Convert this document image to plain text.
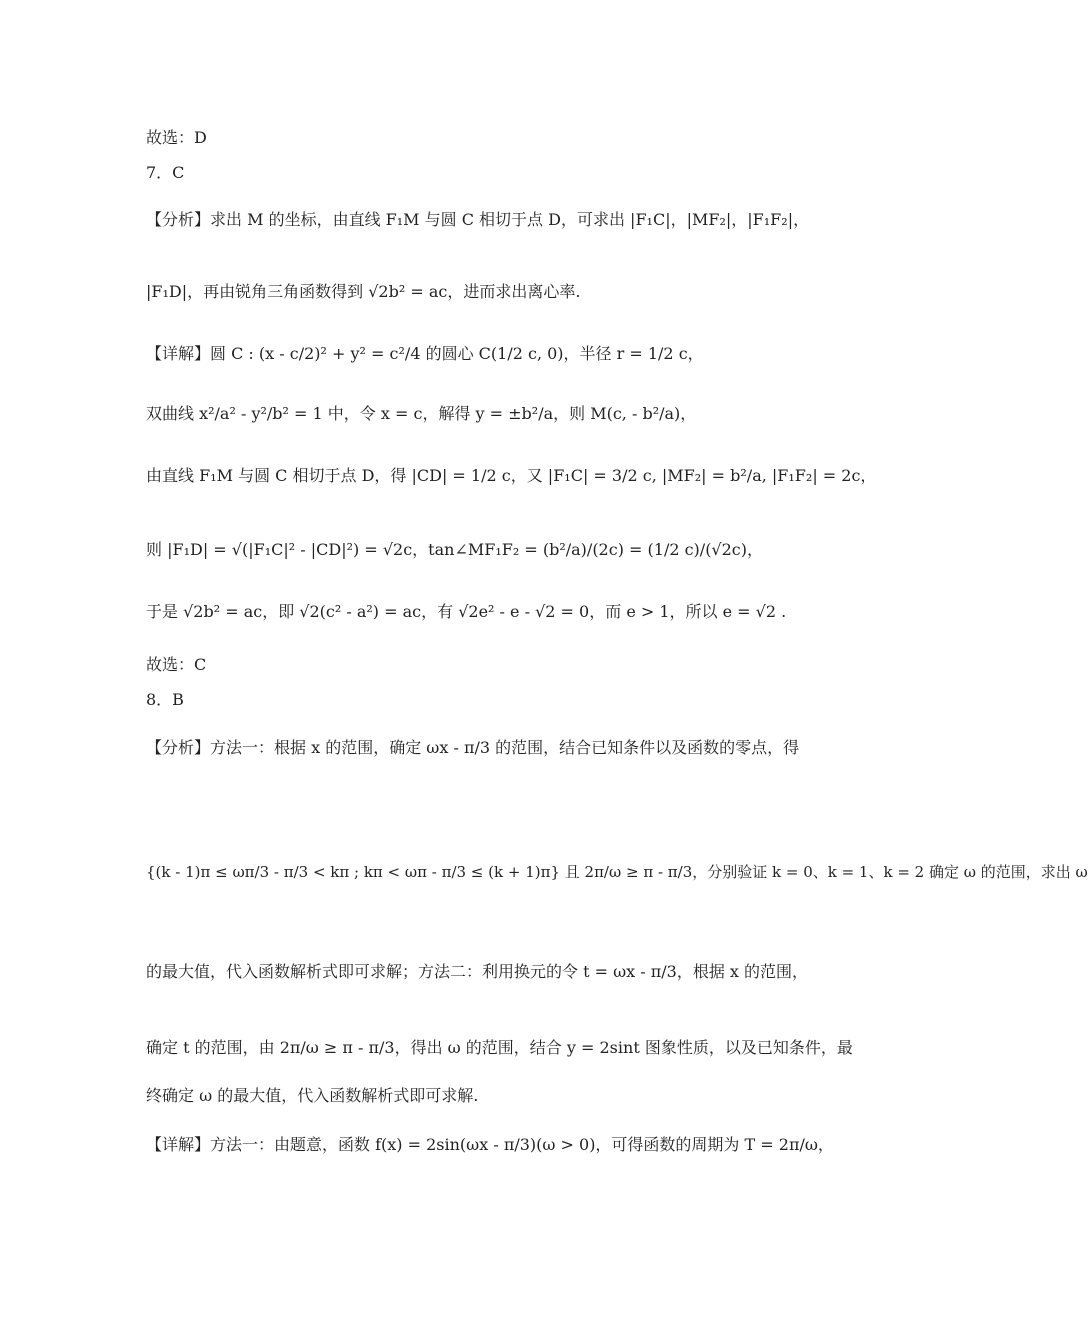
故选：D
7．C
【分析】求出 M 的坐标，由直线 F₁M 与圆 C 相切于点 D，可求出 |F₁C|，|MF₂|，|F₁F₂|，
|F₁D|，再由锐角三角函数得到 √2b² = ac，进而求出离心率.
【详解】圆 C : (x - c/2)² + y² = c²/4 的圆心 C(1/2 c, 0)，半径 r = 1/2 c，
双曲线 x²/a² - y²/b² = 1 中，令 x = c，解得 y = ±b²/a，则 M(c, - b²/a)，
由直线 F₁M 与圆 C 相切于点 D，得 |CD| = 1/2 c，又 |F₁C| = 3/2 c, |MF₂| = b²/a, |F₁F₂| = 2c，
则 |F₁D| = √(|F₁C|² - |CD|²) = √2c，tan∠MF₁F₂ = (b²/a)/(2c) = (1/2 c)/(√2c)，
于是 √2b² = ac，即 √2(c² - a²) = ac，有 √2e² - e - √2 = 0，而 e > 1，所以 e = √2 .
故选：C
8．B
【分析】方法一：根据 x 的范围，确定 ωx - π/3 的范围，结合已知条件以及函数的零点，得
{(k - 1)π ≤ ωπ/3 - π/3 < kπ ; kπ < ωπ - π/3 ≤ (k + 1)π} 且 2π/ω ≥ π - π/3，分别验证 k = 0、k = 1、k = 2 确定 ω 的范围，求出 ω
的最大值，代入函数解析式即可求解；方法二：利用换元的令 t = ωx - π/3，根据 x 的范围，
确定 t 的范围，由 2π/ω ≥ π - π/3，得出 ω 的范围，结合 y = 2sint 图象性质，以及已知条件，最
终确定 ω 的最大值，代入函数解析式即可求解.
【详解】方法一：由题意，函数 f(x) = 2sin(ωx - π/3)(ω > 0)，可得函数的周期为 T = 2π/ω，
